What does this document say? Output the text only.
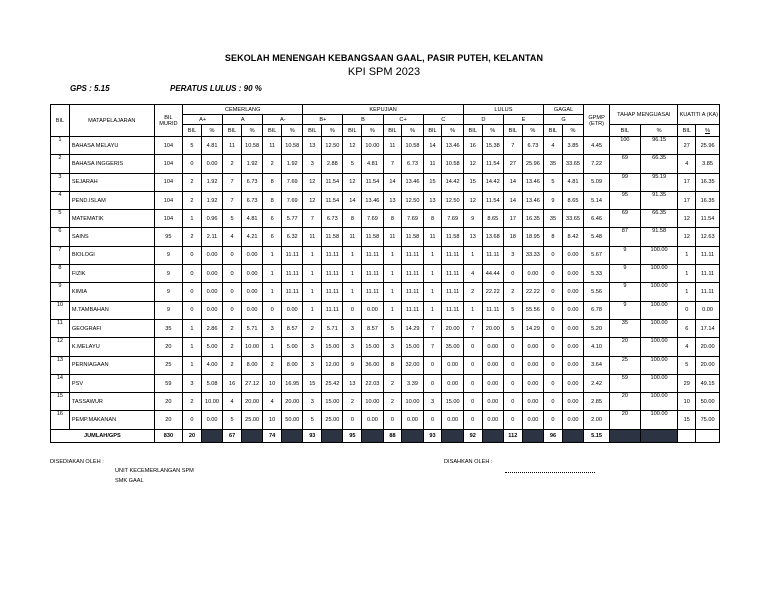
SEKOLAH MENENGAH KEBANGSAAN GAAL, PASIR PUTEH, KELANTAN
KPI SPM 2023
GPS : 5.15	PERATUS LULUS : 90 %
BIL	MATAPELAJARAN	BIL MURID	CEMERLANG						KEPUJIAN								LULUS				GAGAL		GPMP (ETR)	TAHAP MENGUASAI		KUATITI A (KA)	
			A+		A		A-		B+		B		C+		C		D		E		G						
			BIL	%	BIL	%	BIL	%	BIL	%	BIL	%	BIL	%	BIL	%	BIL	%	BIL	%	BIL	%		BIL	%	BIL	%
1	BAHASA MELAYU	104	5	4.81	11	10.58	11	10.58	13	12.50	12	10.00	11	10.58	14	13.46	16	15.38	7	6.73	4	3.85	4.45	100	96.15	27	25.96
2	BAHASA INGGERIS	104	0	0.00	2	1.92	2	1.92	3	2.88	5	4.81	7	6.73	11	10.58	12	11.54	27	25.96	35	33.65	7.22	69	66.35	4	3.85
3	SEJARAH	104	2	1.92	7	6.73	8	7.69	12	11.54	12	11.54	14	13.46	15	14.42	15	14.42	14	13.46	5	4.81	5.09	99	95.19	17	16.35
4	PEND.ISLAM	104	2	1.92	7	6.73	8	7.69	12	11.54	14	13.46	13	12.50	13	12.50	12	11.54	14	13.46	9	8.65	5.14	95	91.35	17	16.35
5	MATEMATIK	104	1	0.96	5	4.81	6	5.77	7	6.73	8	7.69	8	7.69	8	7.69	9	8.65	17	16.35	35	33.65	6.46	69	66.35	12	11.54
6	SAINS	95	2	2.11	4	4.21	6	6.32	11	11.58	11	11.58	11	11.58	11	11.58	13	13.68	18	18.95	8	8.42	5.48	87	91.58	12	12.63
7	BIOLOGI	9	0	0.00	0	0.00	1	11.11	1	11.11	1	11.11	1	11.11	1	11.11	1	11.11	3	33.33	0	0.00	5.67	9	100.00	1	11.11
8	FIZIK	9	0	0.00	0	0.00	1	11.11	1	11.11	1	11.11	1	11.11	1	11.11	4	44.44	0	0.00	0	0.00	5.33	9	100.00	1	11.11
9	KIMIA	9	0	0.00	0	0.00	1	11.11	1	11.11	1	11.11	1	11.11	1	11.11	2	22.22	2	22.22	0	0.00	5.56	9	100.00	1	11.11
10	M.TAMBAHAN	9	0	0.00	0	0.00	0	0.00	1	11.11	0	0.00	1	11.11	1	11.11	1	11.11	5	55.56	0	0.00	6.78	9	100.00	0	0.00
11	GEOGRAFI	35	1	2.86	2	5.71	3	8.57	2	5.71	3	8.57	5	14.29	7	20.00	7	20.00	5	14.29	0	0.00	5.20	35	100.00	6	17.14
12	K.MELAYU	20	1	5.00	2	10.00	1	5.00	3	15.00	3	15.00	3	15.00	7	35.00	0	0.00	0	0.00	0	0.00	4.10	20	100.00	4	20.00
13	PERNIAGAAN	25	1	4.00	2	8.00	2	8.00	3	12.00	9	36.00	8	32.00	0	0.00	0	0.00	0	0.00	0	0.00	3.64	25	100.00	5	20.00
14	PSV	59	3	5.08	16	27.12	10	16.95	15	25.42	13	22.03	2	3.39	0	0.00	0	0.00	0	0.00	0	0.00	2.42	59	100.00	29	49.15
15	TASSAWUR	20	2	10.00	4	20.00	4	20.00	3	15.00	2	10.00	2	10.00	3	15.00	0	0.00	0	0.00	0	0.00	2.85	20	100.00	10	50.00
16	PEMP.MAKANAN	20	0	0.00	5	25.00	10	50.00	5	25.00	0	0.00	0	0.00	0	0.00	0	0.00	0	0.00	0	0.00	2.00	20	100.00	15	75.00
JUMLAH/GPS		830	20		67		74		93		95		88		93		92		112		96		5.15				
DISEDIAKAN OLEH :
UNIT KECEMERLANGAN SPM
SMK GAAL
DISAHKAN OLEH :
